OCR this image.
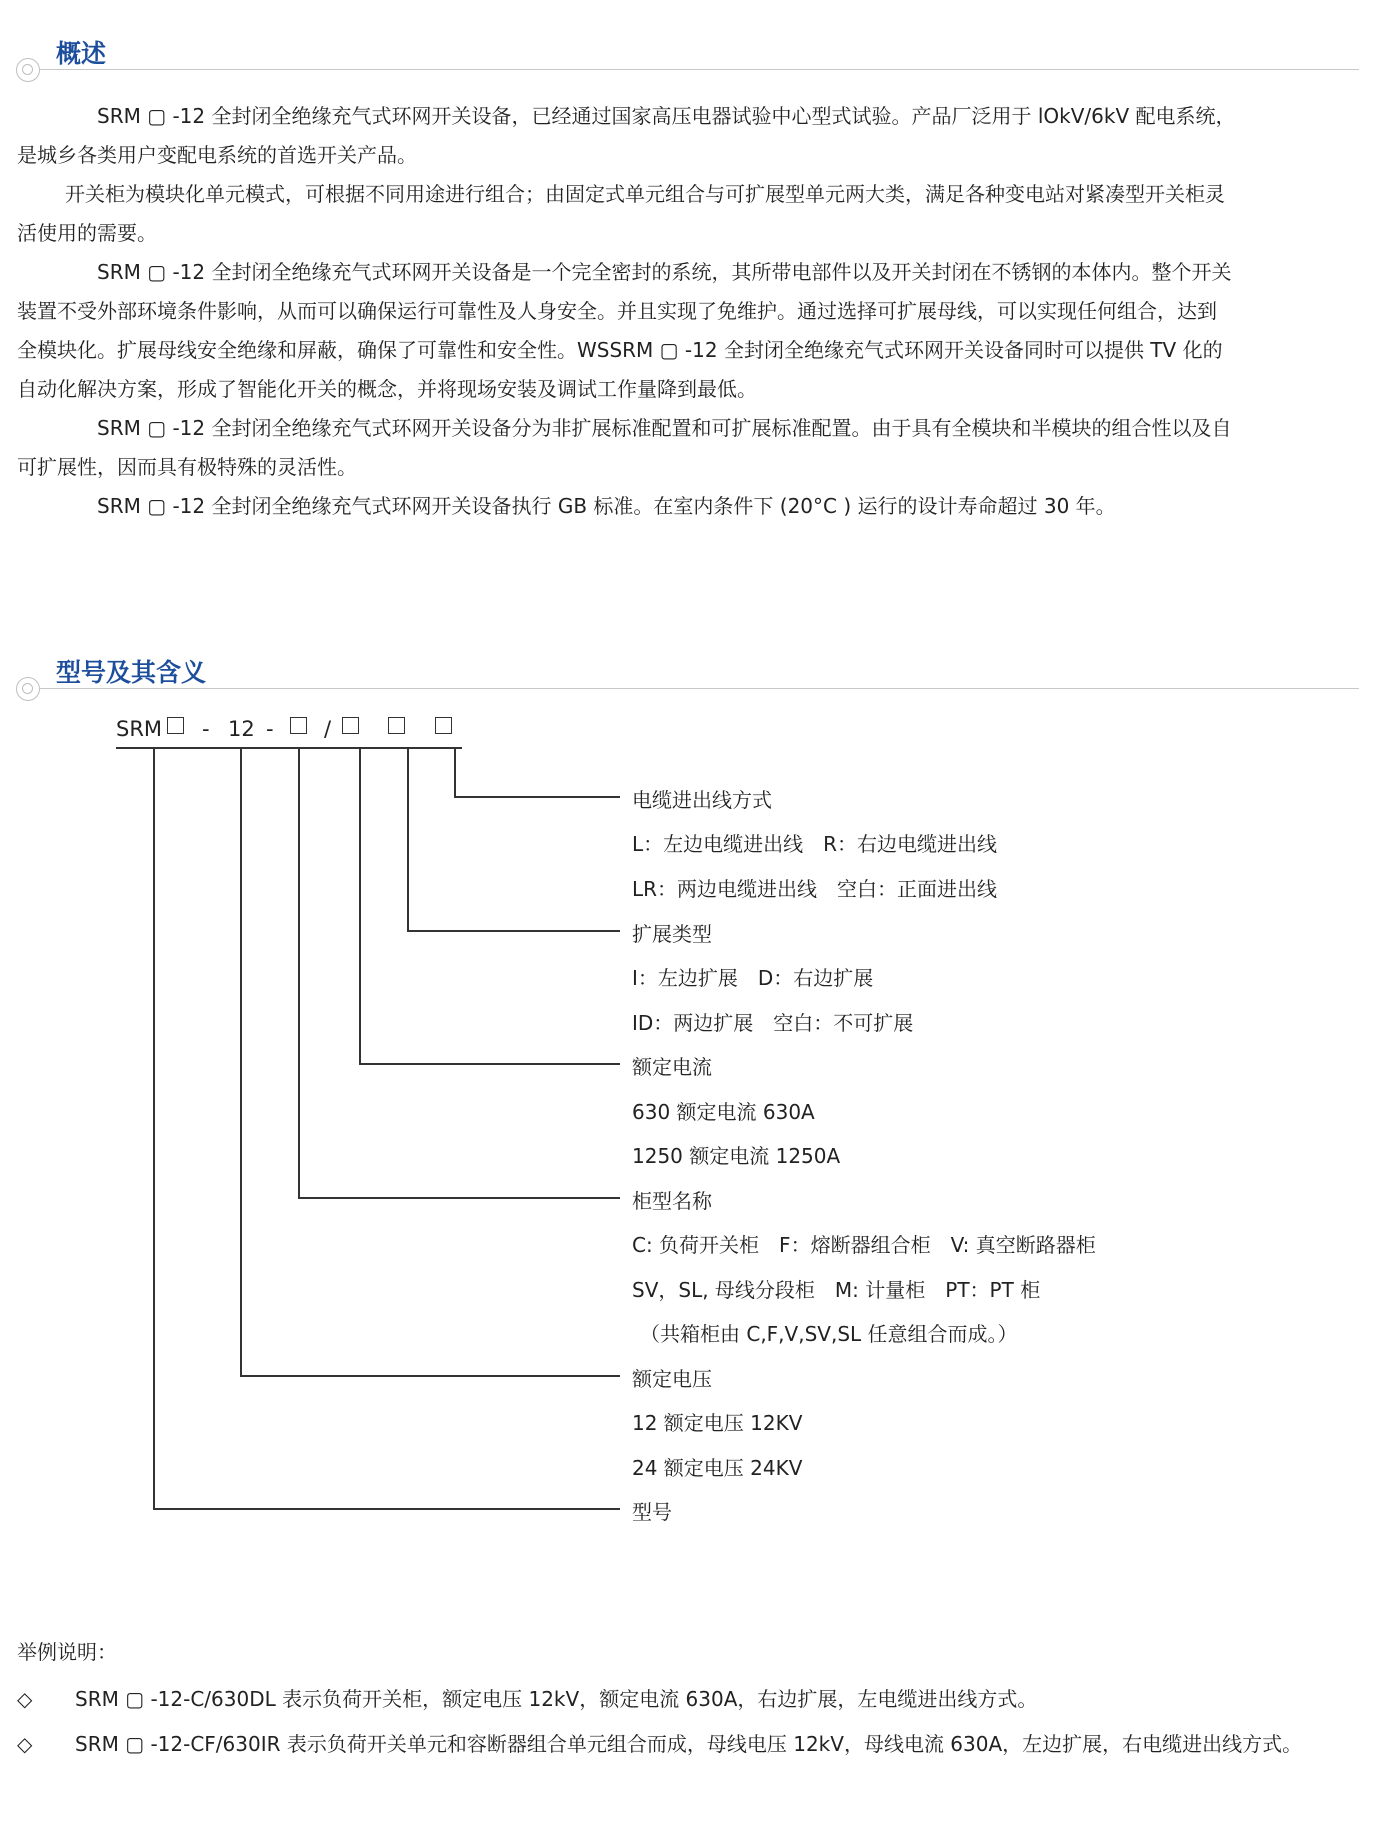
概述
SRM ▢ -12 全封闭全绝缘充气式环网开关设备，已经通过国家高压电器试验中心型式试验。产品厂泛用于 lOkV/6kV 配电系统，
是城乡各类用户变配电系统的首选开关产品。
开关柜为模块化单元模式，可根据不同用途进行组合；由固定式单元组合与可扩展型单元两大类，满足各种变电站对紧凑型开关柜灵
活使用的需要。
SRM ▢ -12 全封闭全绝缘充气式环网开关设备是一个完全密封的系统，其所带电部件以及开关封闭在不锈钢的本体内。整个开关
装置不受外部环境条件影响，从而可以确保运行可靠性及人身安全。并且实现了免维护。通过选择可扩展母线，可以实现任何组合，达到
全模块化。扩展母线安全绝缘和屏蔽，确保了可靠性和安全性。WSSRM ▢ -12 全封闭全绝缘充气式环网开关设备同时可以提供 TV 化的
自动化解决方案，形成了智能化开关的概念，并将现场安装及调试工作量降到最低。
SRM ▢ -12 全封闭全绝缘充气式环网开关设备分为非扩展标准配置和可扩展标准配置。由于具有全模块和半模块的组合性以及自
可扩展性，因而具有极特殊的灵活性。
SRM ▢ -12 全封闭全绝缘充气式环网开关设备执行 GB 标准。在室内条件下 (20°C ) 运行的设计寿命超过 30 年。
型号及其含义
SRM - 12 - /
电缆进出线方式
L：左边电缆进出线　R：右边电缆进出线
LR：两边电缆进出线　空白：正面进出线
扩展类型
I：左边扩展　D：右边扩展
ID：两边扩展　空白：不可扩展
额定电流
630 额定电流 630A
1250 额定电流 1250A
柜型名称
C: 负荷开关柜　F：熔断器组合柜　V: 真空断路器柜
SV，SL, 母线分段柜　M: 计量柜　PT：PT 柜
（共箱柜由 C,F,V,SV,SL 任意组合而成。）
额定电压
12 额定电压 12KV
24 额定电压 24KV
型号
举例说明：
◇ SRM ▢ -12-C/630DL 表示负荷开关柜，额定电压 12kV，额定电流 630A，右边扩展，左电缆进出线方式。
◇ SRM ▢ -12-CF/630IR 表示负荷开关单元和容断器组合单元组合而成，母线电压 12kV，母线电流 630A，左边扩展，右电缆进出线方式。
